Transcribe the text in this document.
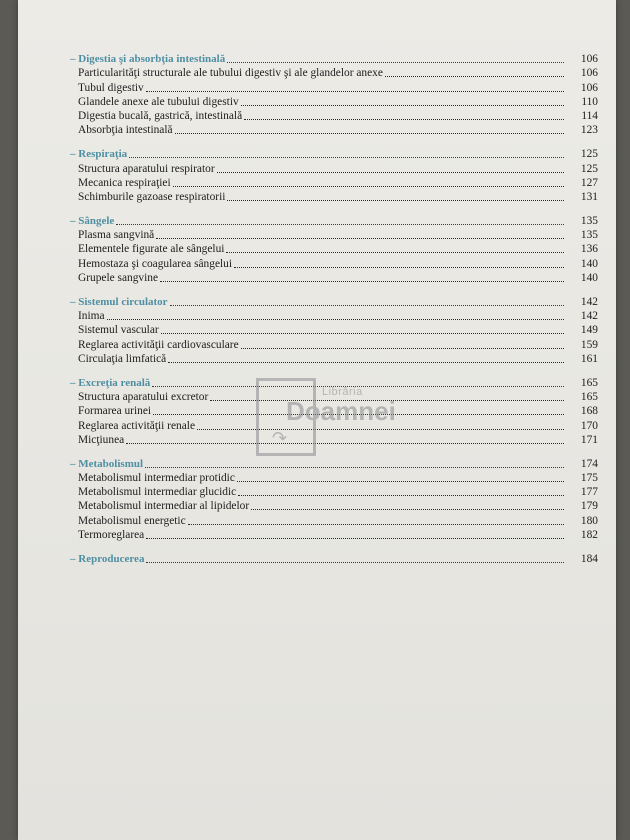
– Digestia şi absorbţia intestinală	106
Particularităţi structurale ale tubului digestiv şi ale glandelor anexe	106
Tubul digestiv	106
Glandele anexe ale tubului digestiv	110
Digestia bucală, gastrică, intestinală	114
Absorbţia intestinală	123
– Respiraţia	125
Structura aparatului respirator	125
Mecanica respiraţiei	127
Schimburile gazoase respiratorii	131
– Sângele	135
Plasma sangvină	135
Elementele figurate ale sângelui	136
Hemostaza şi coagularea sângelui	140
Grupele sangvine	140
– Sistemul circulator	142
Inima	142
Sistemul vascular	149
Reglarea activităţii cardiovasculare	159
Circulaţia limfatică	161
– Excreţia renală	165
Structura aparatului excretor	165
Formarea urinei	168
Reglarea activităţii renale	170
Micţiunea	171
– Metabolismul	174
Metabolismul intermediar protidic	175
Metabolismul intermediar glucidic	177
Metabolismul intermediar al lipidelor	179
Metabolismul energetic	180
Termoreglarea	182
– Reproducerea	184
Librăria
Doamnei
↷
